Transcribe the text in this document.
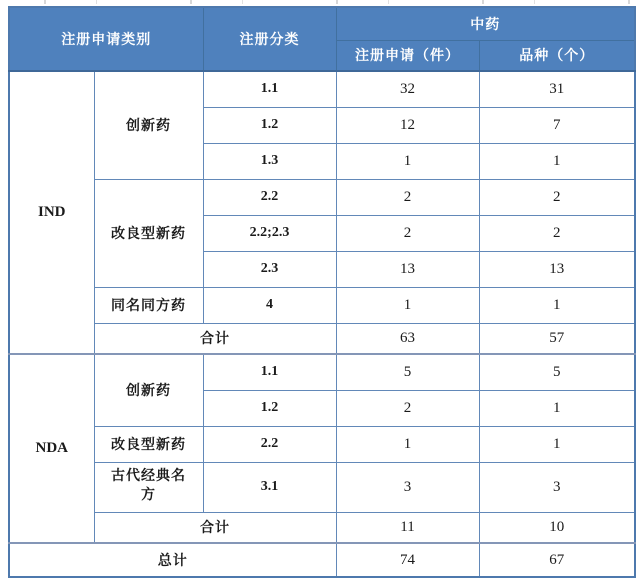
注册申请类别		注册分类	中药	
			注册申请（件）	品种（个）
IND	创新药	1.1	32	31
		1.2	12	7
		1.3	1	1
	改良型新药	2.2	2	2
		2.2;2.3	2	2
		2.3	13	13
	同名同方药	4	1	1
	合计		63	57
NDA	创新药	1.1	5	5
		1.2	2	1
	改良型新药	2.2	1	1
	古代经典名方	3.1	3	3
	合计		11	10
总计			74	67
